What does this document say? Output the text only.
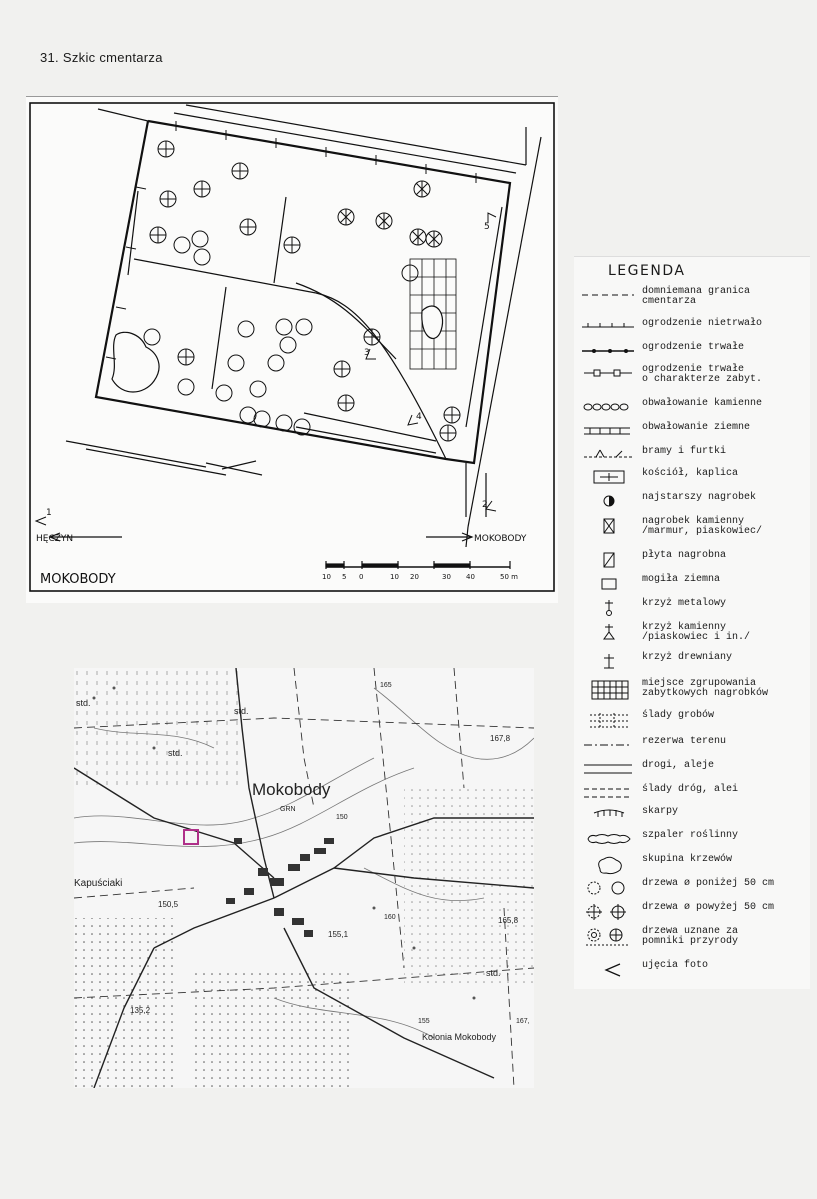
31. Szkic cmentarza
1
2
3
4
5
HĘCZYN	MOKOBODY
MOKOBODY	10 5 0	10 20	30 40	50 m
LEGENDA
domniemana granica
cmentarza
ogrodzenie nietrwało
ogrodzenie trwałe
ogrodzenie trwałe
o charakterze zabyt.
obwałowanie kamienne
obwałowanie ziemne
bramy i furtki
kościół, kaplica
najstarszy nagrobek
nagrobek kamienny
/marmur, piaskowiec/
płyta nagrobna
mogiła ziemna
krzyż metalowy
krzyż kamienny
/piaskowiec i in./
krzyż drewniany
miejsce zgrupowania
zabytkowych nagrobków
ślady grobów
rezerwa terenu
drogi, aleje
ślady dróg, alei
skarpy
szpaler roślinny
skupina krzewów
drzewa ø poniżej 50 cm
drzewa ø powyżej 50 cm
drzewa uznane za
pomniki przyrody
ujęcia foto
std.
std.
std.
std.
Mokobody
GRN
Kapuściaki
Kolonia Mokobody
167,8
150,5
155,1
165,8
135,2
165
150
160
155	167,
